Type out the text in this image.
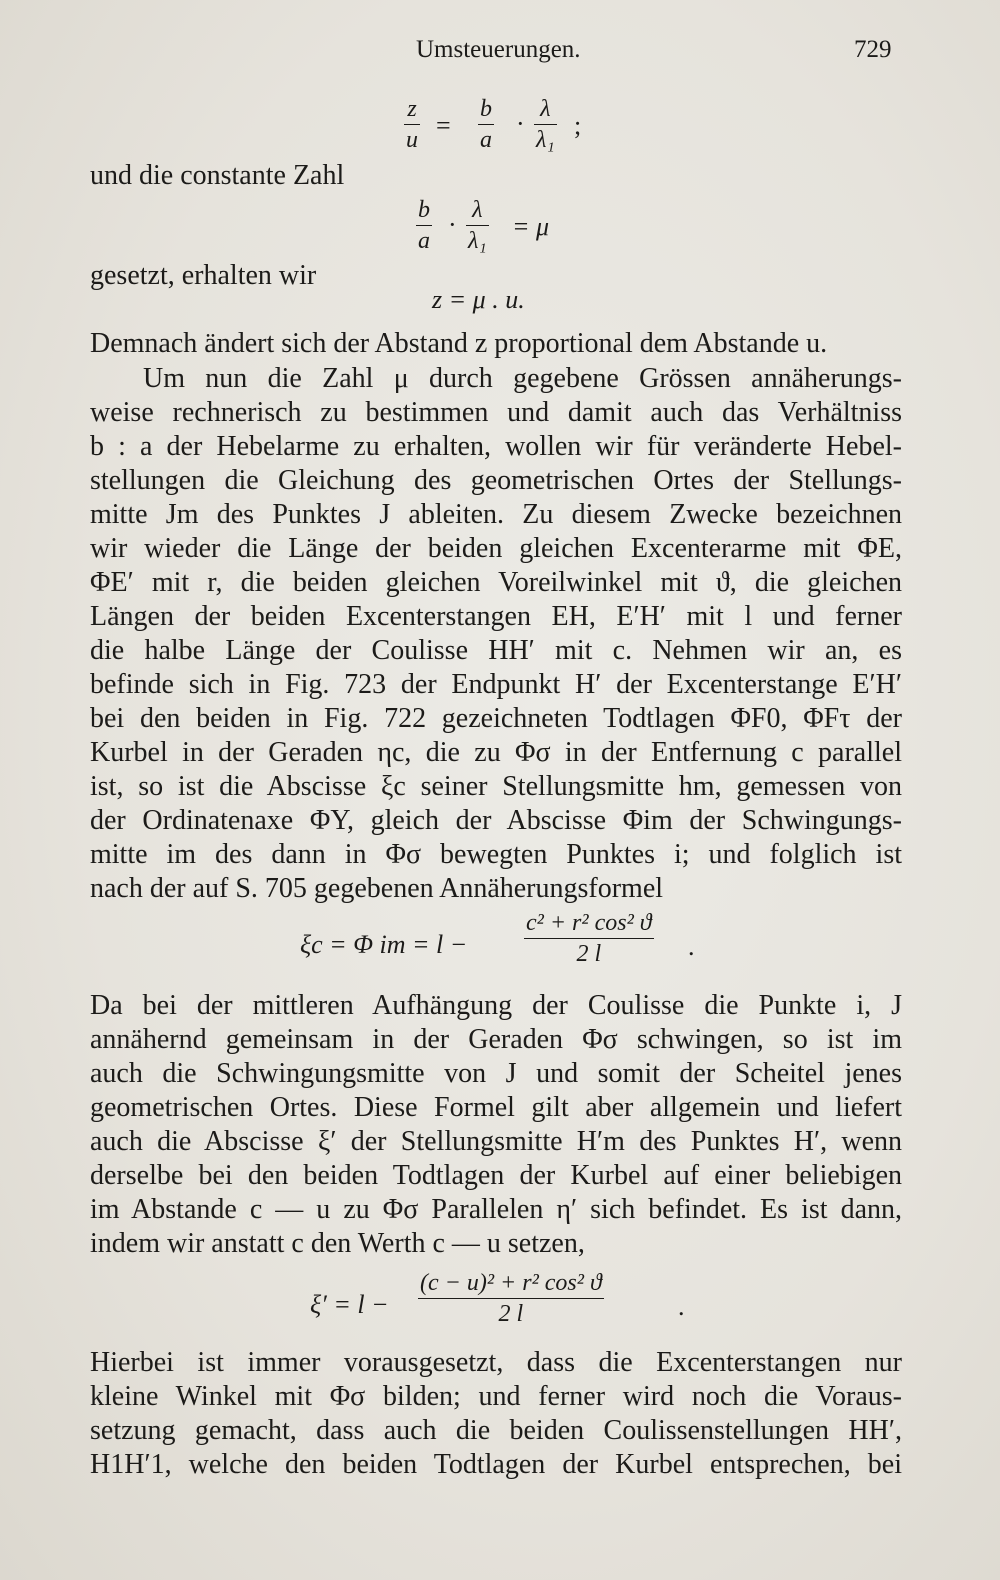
Umsteuerungen.	729
z
u =
b
a
· λ
λ₁ ;
und die constante Zahl
b
a
· λ
λ₁ = μ
gesetzt, erhalten wir
z = μ . u.
Demnach ändert sich der Abstand z proportional dem Abstande u.
Um nun die Zahl μ durch gegebene Grössen annäherungs-
weise rechnerisch zu bestimmen und damit auch das Verhältniss
b : a der Hebelarme zu erhalten, wollen wir für veränderte Hebel-
stellungen die Gleichung des geometrischen Ortes der Stellungs-
mitte Jm des Punktes J ableiten. Zu diesem Zwecke bezeichnen
wir wieder die Länge der beiden gleichen Excenterarme mit ΦE,
ΦE′ mit r, die beiden gleichen Voreilwinkel mit ϑ, die gleichen
Längen der beiden Excenterstangen EH, E′H′ mit l und ferner
die halbe Länge der Coulisse HH′ mit c. Nehmen wir an, es
befinde sich in Fig. 723 der Endpunkt H′ der Excenterstange E′H′
bei den beiden in Fig. 722 gezeichneten Todtlagen ΦF0, ΦFτ der
Kurbel in der Geraden ηc, die zu Φσ in der Entfernung c parallel
ist, so ist die Abscisse ξc seiner Stellungsmitte hm, gemessen von
der Ordinatenaxe ΦY, gleich der Abscisse Φim der Schwingungs-
mitte im des dann in Φσ bewegten Punktes i; und folglich ist
nach der auf S. 705 gegebenen Annäherungsformel
ξc = Φ im = l −
c² + r² cos² ϑ
2 l	.
Da bei der mittleren Aufhängung der Coulisse die Punkte i, J
annähernd gemeinsam in der Geraden Φσ schwingen, so ist im
auch die Schwingungsmitte von J und somit der Scheitel jenes
geometrischen Ortes. Diese Formel gilt aber allgemein und liefert
auch die Abscisse ξ′ der Stellungsmitte H′m des Punktes H′, wenn
derselbe bei den beiden Todtlagen der Kurbel auf einer beliebigen
im Abstande c — u zu Φσ Parallelen η′ sich befindet. Es ist dann,
indem wir anstatt c den Werth c — u setzen,
ξ′ = l −
(c − u)² + r² cos² ϑ
2 l	.
Hierbei ist immer vorausgesetzt, dass die Excenterstangen nur
kleine Winkel mit Φσ bilden; und ferner wird noch die Voraus-
setzung gemacht, dass auch die beiden Coulissenstellungen HH′,
H1H′1, welche den beiden Todtlagen der Kurbel entsprechen, bei
